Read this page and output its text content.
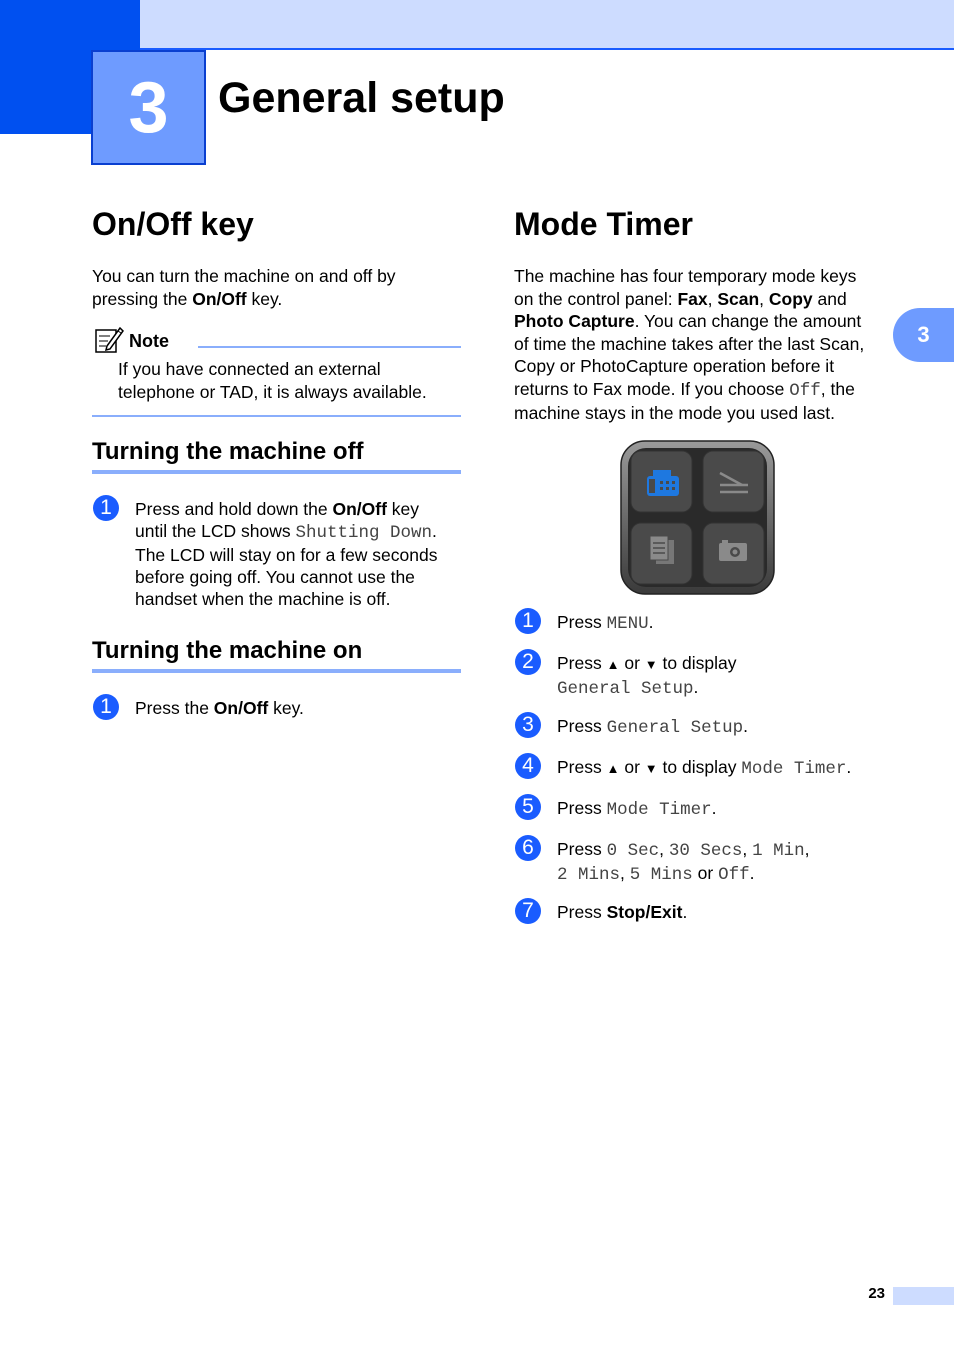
3	General setup
3
On/Off key
You can turn the machine on and off by
pressing the On/Off key.
Note
If you have connected an external
telephone or TAD, it is always available.
Turning the machine off
1	Press and hold down the On/Off key
until the LCD shows Shutting Down.
The LCD will stay on for a few seconds
before going off. You cannot use the
handset when the machine is off.
Turning the machine on
1	Press the On/Off key.
Mode Timer
The machine has four temporary mode keys
on the control panel: Fax, Scan, Copy and
Photo Capture. You can change the amount
of time the machine takes after the last Scan,
Copy or PhotoCapture operation before it
returns to Fax mode. If you choose Off, the
machine stays in the mode you used last.
1	Press MENU.
2	Press ▲ or ▼ to display
General Setup.
3	Press General Setup.
4	Press ▲ or ▼ to display Mode Timer.
5	Press Mode Timer.
6	Press 0 Sec, 30 Secs, 1 Min,
2 Mins, 5 Mins or Off.
7	Press Stop/Exit.
23
